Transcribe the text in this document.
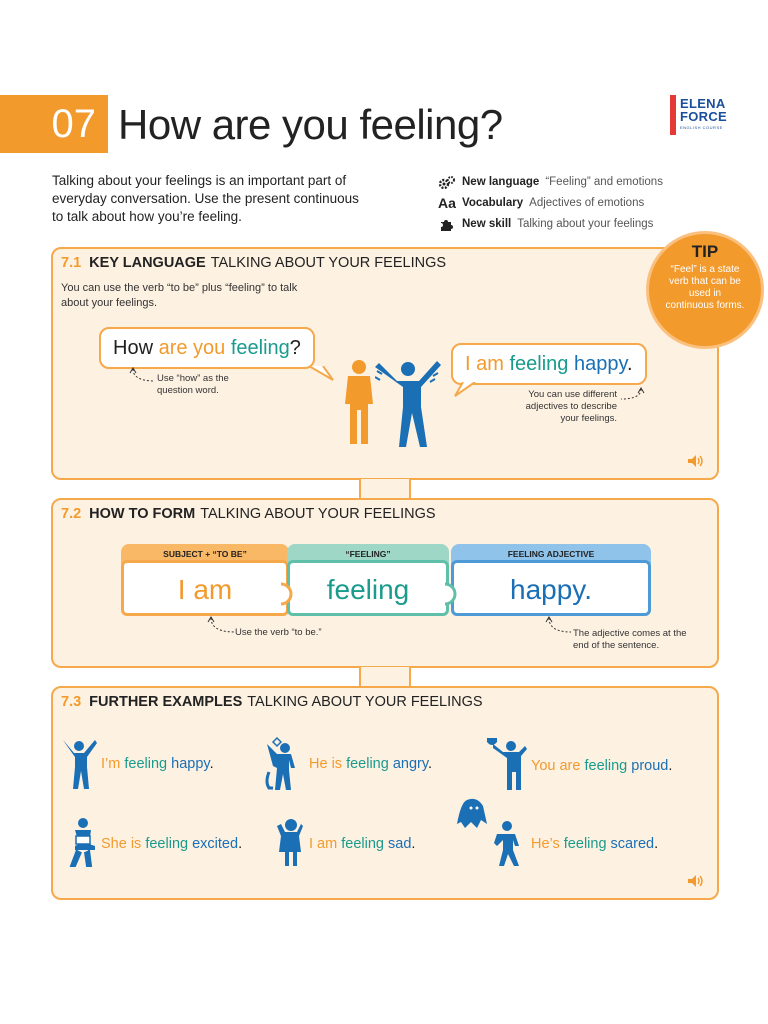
07 How are you feeling?	ELENA
FORCE
ENGLISH COURSE
Talking about your feelings is an important part of everyday conversation. Use the present continuous to talk about how you’re feeling.
New language “Feeling” and emotions
Aa Vocabulary Adjectives of emotions
New skill Talking about your feelings
TIP
“Feel” is a state verb that can be used in continuous forms.
7.1 KEY LANGUAGE TALKING ABOUT YOUR FEELINGS
You can use the verb “to be” plus “feeling” to talk about your feelings.
How are you feeling?
I am feeling happy.
Use “how” as the question word.	You can use different adjectives to describe your feelings.
7.2 HOW TO FORM TALKING ABOUT YOUR FEELINGS
SUBJECT + “TO BE”
I am
“FEELING”
feeling
FEELING ADJECTIVE
happy.
Use the verb “to be.”	The adjective comes at the end of the sentence.
7.3 FURTHER EXAMPLES TALKING ABOUT YOUR FEELINGS
I’m feeling happy.	He is feeling angry.	You are feeling proud.
She is feeling excited.	I am feeling sad.	He’s feeling scared.
